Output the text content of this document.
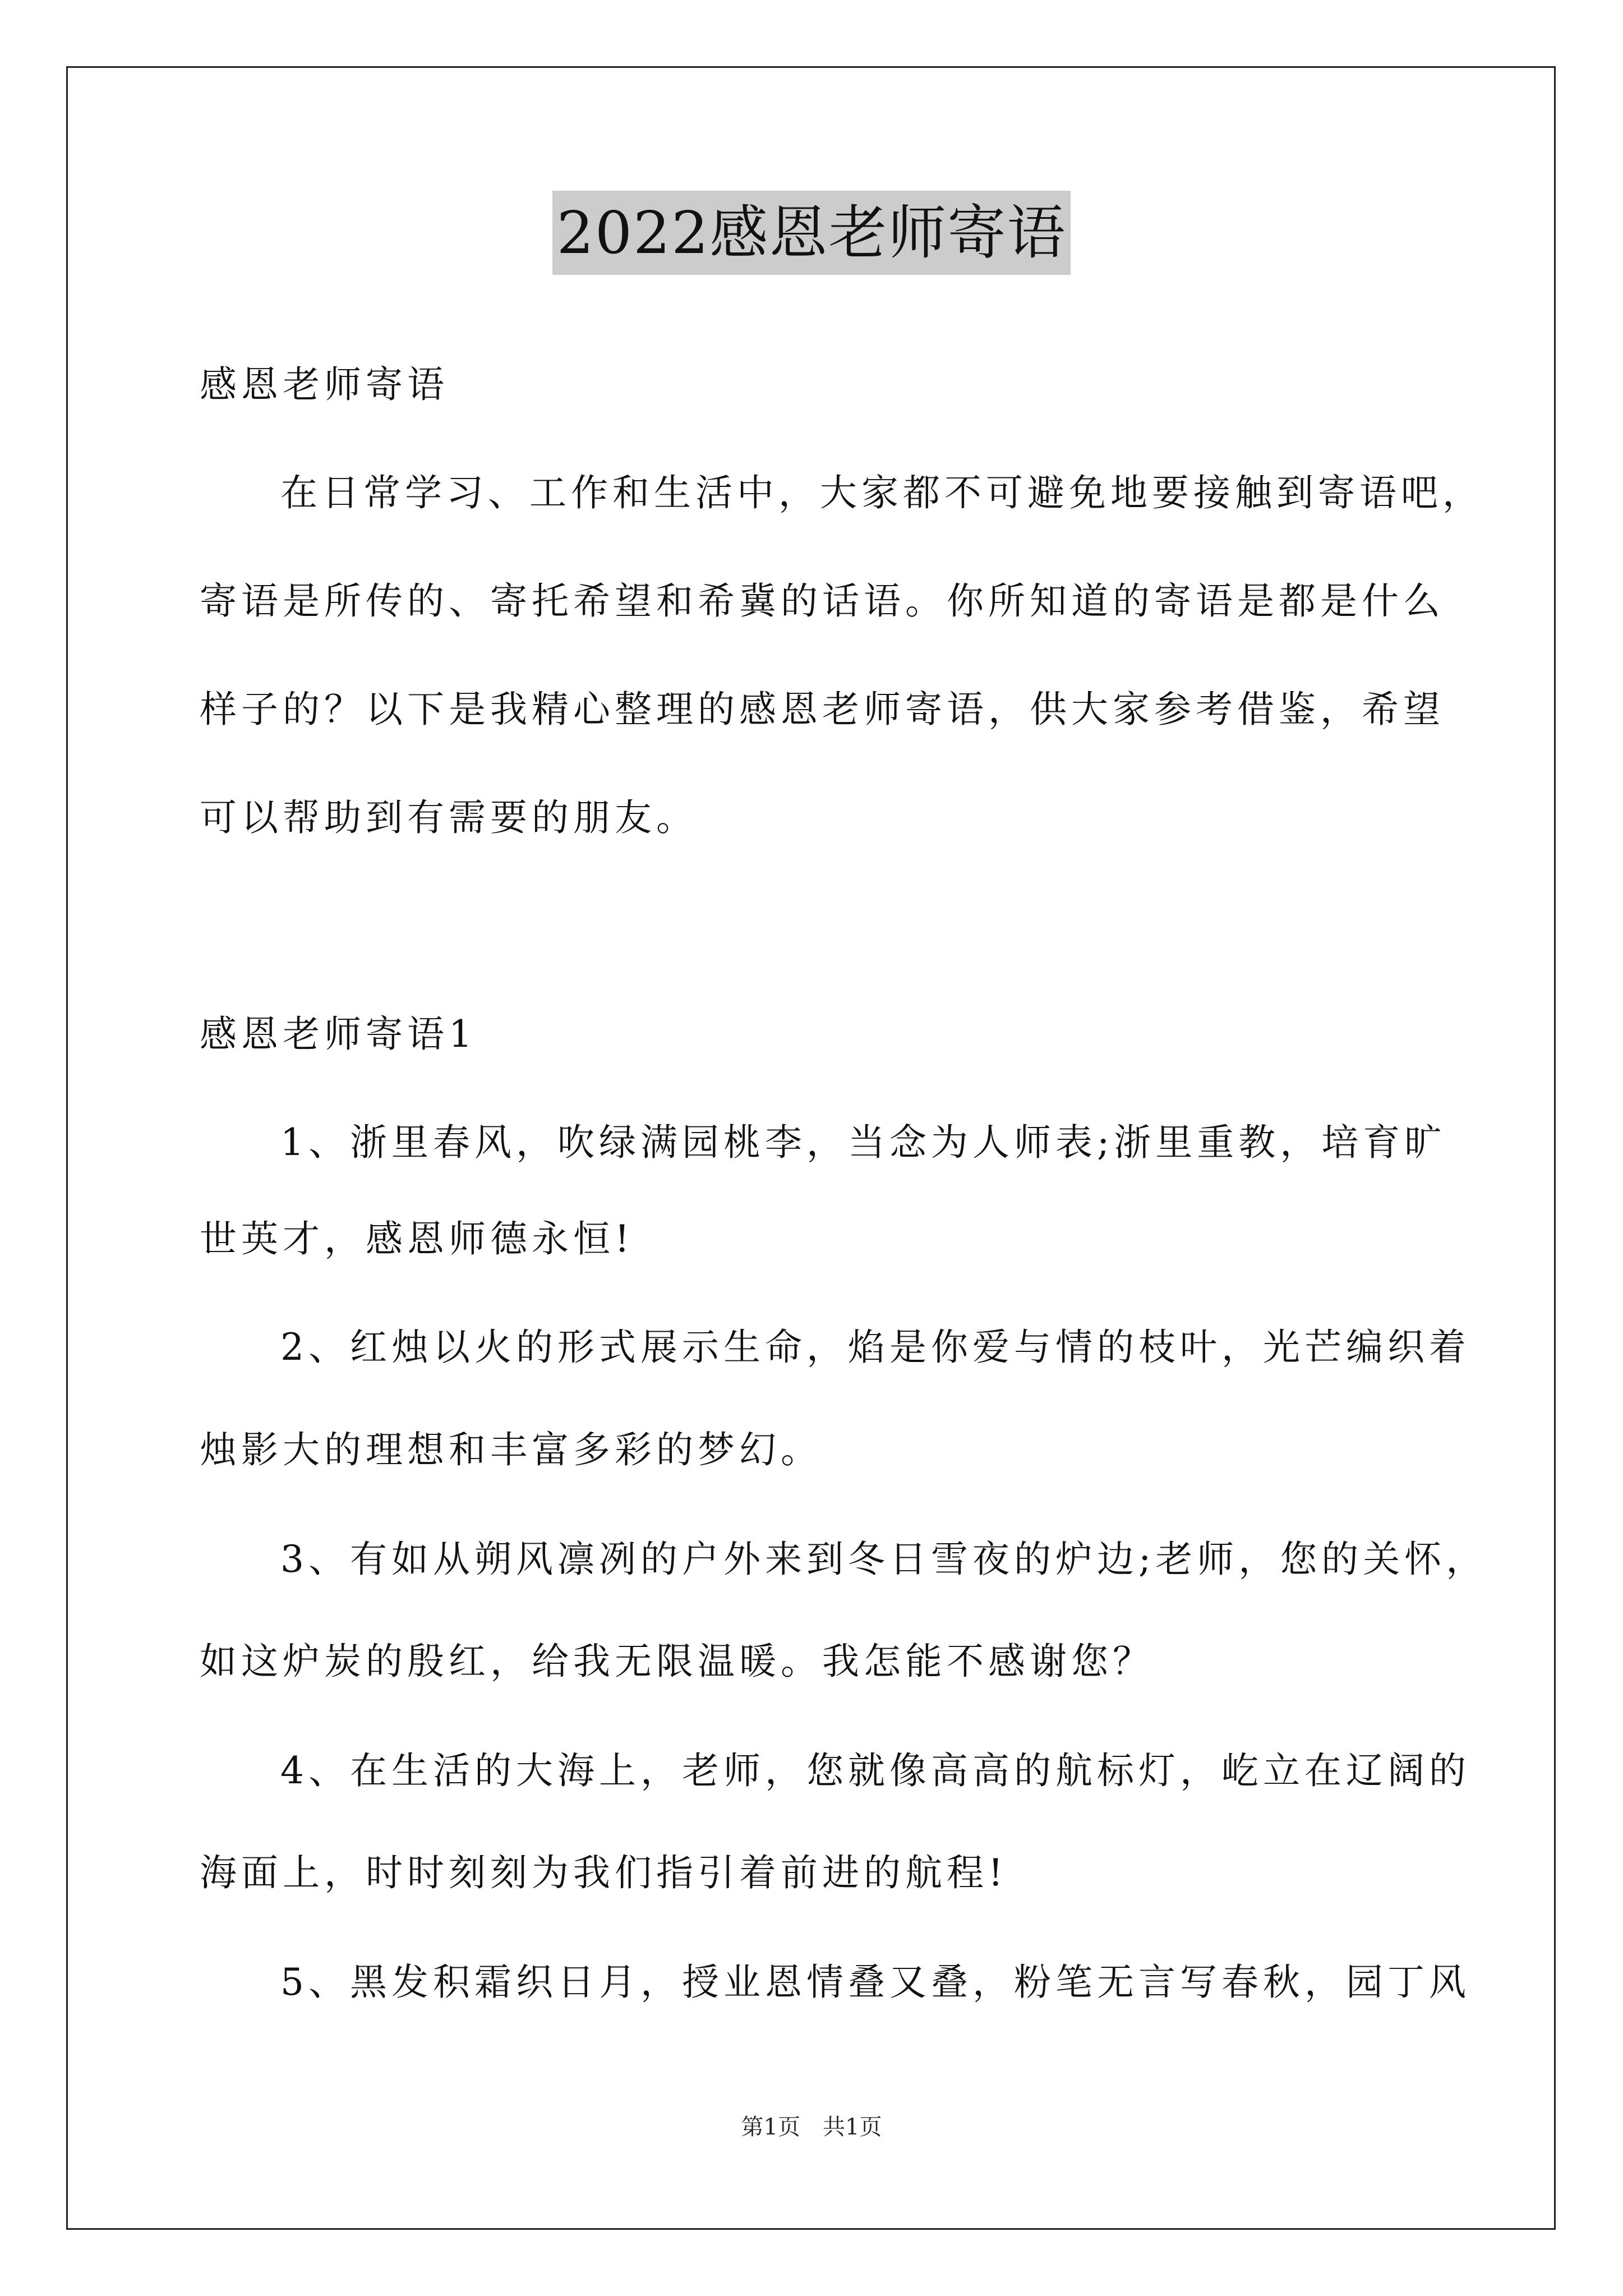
2022感恩老师寄语
感恩老师寄语
在日常学习、工作和生活中，大家都不可避免地要接触到寄语吧，
寄语是所传的、寄托希望和希冀的话语。你所知道的寄语是都是什么
样子的？以下是我精心整理的感恩老师寄语，供大家参考借鉴，希望
可以帮助到有需要的朋友。
感恩老师寄语1
1、浙里春风，吹绿满园桃李，当念为人师表;浙里重教，培育旷
世英才，感恩师德永恒!
2、红烛以火的形式展示生命，焰是你爱与情的枝叶，光芒编织着
烛影大的理想和丰富多彩的梦幻。
3、有如从朔风凛冽的户外来到冬日雪夜的炉边;老师，您的关怀，
如这炉炭的殷红，给我无限温暖。我怎能不感谢您？
4、在生活的大海上，老师，您就像高高的航标灯，屹立在辽阔的
海面上，时时刻刻为我们指引着前进的航程!
5、黑发积霜织日月，授业恩情叠又叠，粉笔无言写春秋，园丁风
第1页　共1页
